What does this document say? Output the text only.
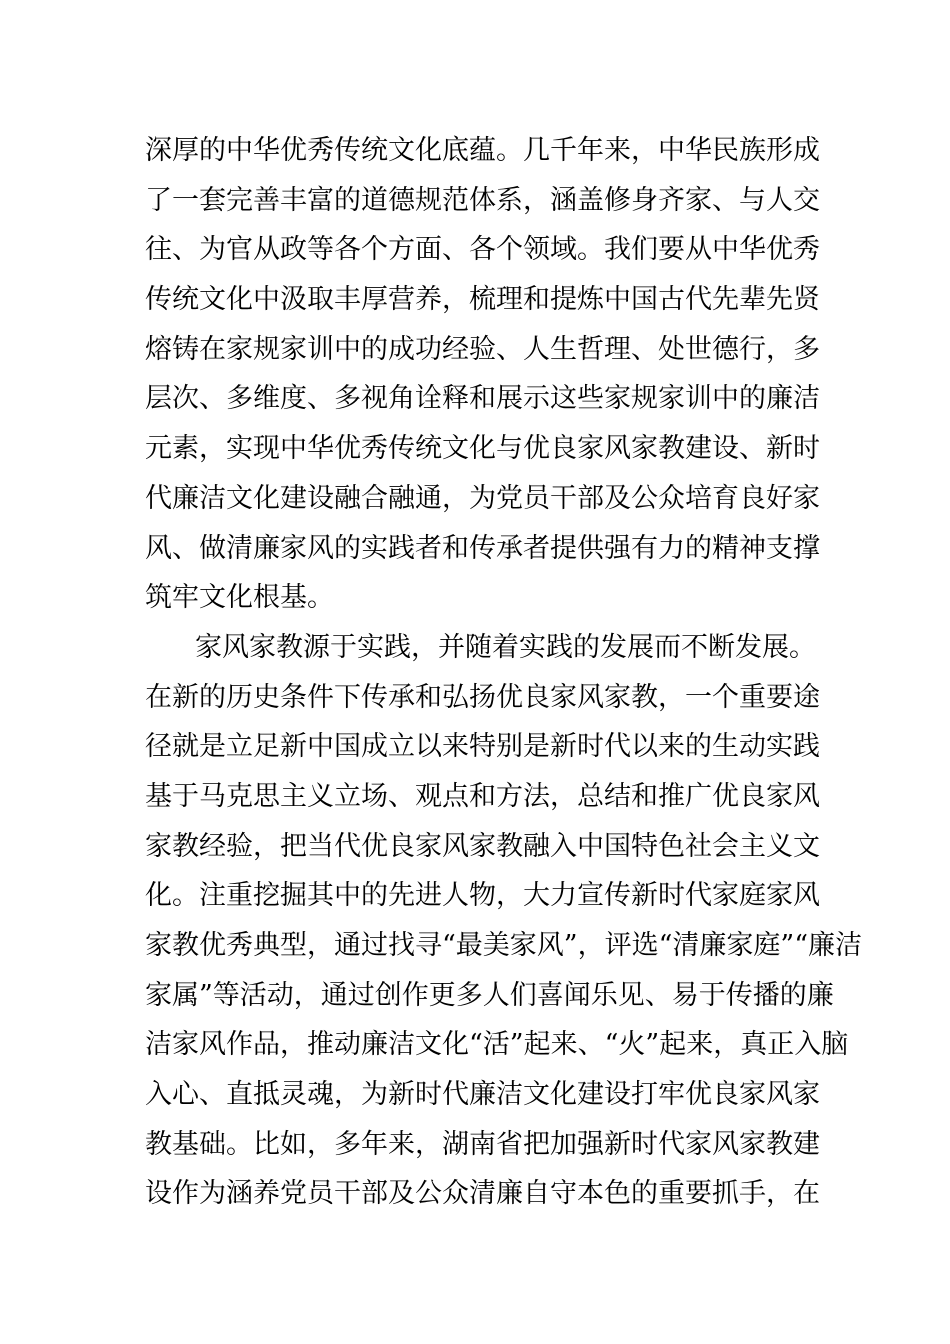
深厚的中华优秀传统文化底蕴。几千年来，中华民族形成
了一套完善丰富的道德规范体系，涵盖修身齐家、与人交
往、为官从政等各个方面、各个领域。我们要从中华优秀
传统文化中汲取丰厚营养，梳理和提炼中国古代先辈先贤
熔铸在家规家训中的成功经验、人生哲理、处世德行，多
层次、多维度、多视角诠释和展示这些家规家训中的廉洁
元素，实现中华优秀传统文化与优良家风家教建设、新时
代廉洁文化建设融合融通，为党员干部及公众培育良好家
风、做清廉家风的实践者和传承者提供强有力的精神支撑
筑牢文化根基。
家风家教源于实践，并随着实践的发展而不断发展。
在新的历史条件下传承和弘扬优良家风家教，一个重要途
径就是立足新中国成立以来特别是新时代以来的生动实践
基于马克思主义立场、观点和方法，总结和推广优良家风
家教经验，把当代优良家风家教融入中国特色社会主义文
化。注重挖掘其中的先进人物，大力宣传新时代家庭家风
家教优秀典型，通过找寻“最美家风”，评选“清廉家庭”“廉洁
家属”等活动，通过创作更多人们喜闻乐见、易于传播的廉
洁家风作品，推动廉洁文化“活”起来、“火”起来，真正入脑
入心、直抵灵魂，为新时代廉洁文化建设打牢优良家风家
教基础。比如，多年来，湖南省把加强新时代家风家教建
设作为涵养党员干部及公众清廉自守本色的重要抓手，在
